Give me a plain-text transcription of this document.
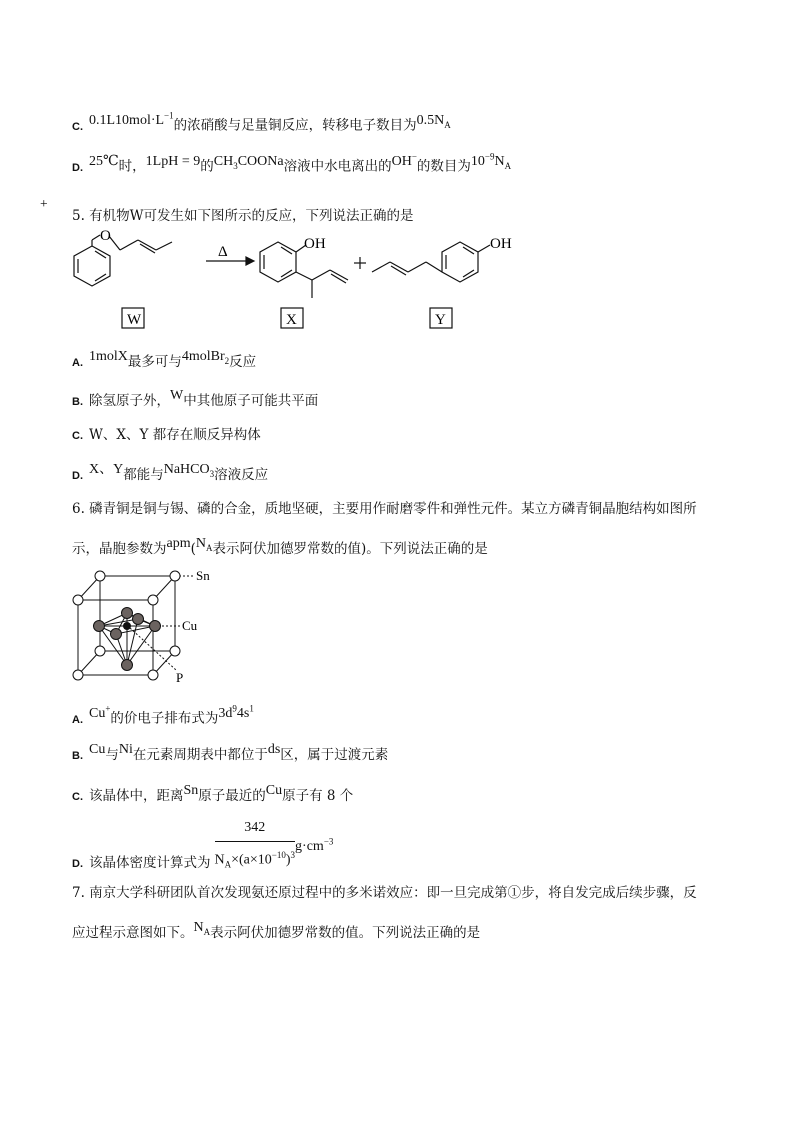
C. $0.1L10mol\cdot L^{-1}$的浓硝酸与足量铜反应，转移电子数目为$0.5N_A$
D. 25℃时，1LpH = 9的$CH_3COONa$溶液中水电离出的OH−的数目为$10^{-9}N_A$
5. 有机物W可发生如下图所示的反应，下列说法正确的是
O
Δ	OH	OH
W	X	Y
+
A. 1molX最多可与4molBr$_2$反应
B. 除氢原子外，W中其他原子可能共平面
C. W、X、Y 都存在顺反异构体
D. X、Y都能与NaHCO$_3$溶液反应
6. 磷青铜是铜与锡、磷的合金，质地坚硬，主要用作耐磨零件和弹性元件。某立方磷青铜晶胞结构如图所
示，晶胞参数为$apm(N_A$表示阿伏加德罗常数的值)。下列说法正确的是
Sn
Cu
P
A. Cu+的价电子排布式为$3d^94s^1$
B. Cu与Ni在元素周期表中都位于ds区，属于过渡元素
C. 该晶体中，距离Sn原子最近的Cu原子有 8 个
D. 该晶体密度计算式为 $\frac{342}{N_A\times(a\times 10^{-10})^3} g\cdot cm^{-3}$
7. 南京大学科研团队首次发现氨还原过程中的多米诺效应：即一旦完成第①步，将自发完成后续步骤，反
应过程示意图如下。$N_A$表示阿伏加德罗常数的值。下列说法正确的是
